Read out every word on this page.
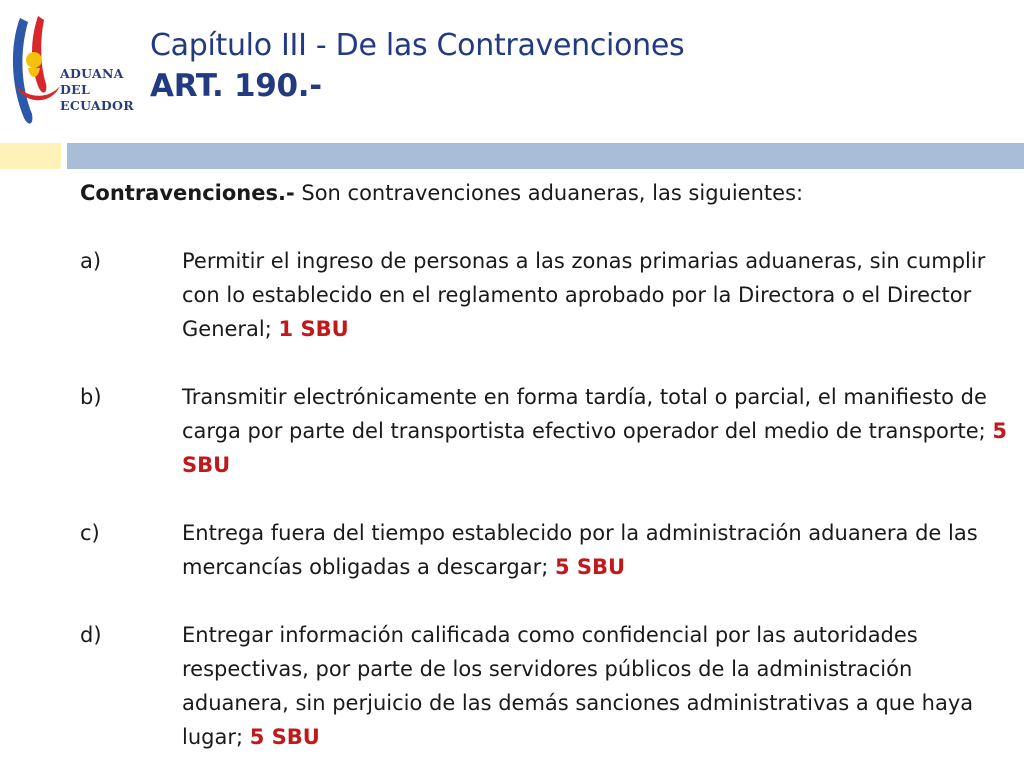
ADUANA
DEL
ECUADOR
Capítulo III - De las Contravenciones
ART. 190.-
Contravenciones.- Son contravenciones aduaneras, las siguientes:
a)	Permitir el ingreso de personas a las zonas primarias aduaneras, sin cumplir con lo establecido en el reglamento aprobado por la Directora o el Director General; 1 SBU
b)	Transmitir electrónicamente en forma tardía, total o parcial, el manifiesto de carga por parte del transportista efectivo operador del medio de transporte; 5 SBU
c)	Entrega fuera del tiempo establecido por la administración aduanera de las mercancías obligadas a descargar; 5 SBU
d)	Entregar información calificada como confidencial por las autoridades respectivas, por parte de los servidores públicos de la administración aduanera, sin perjuicio de las demás sanciones administrativas a que haya lugar; 5 SBU
